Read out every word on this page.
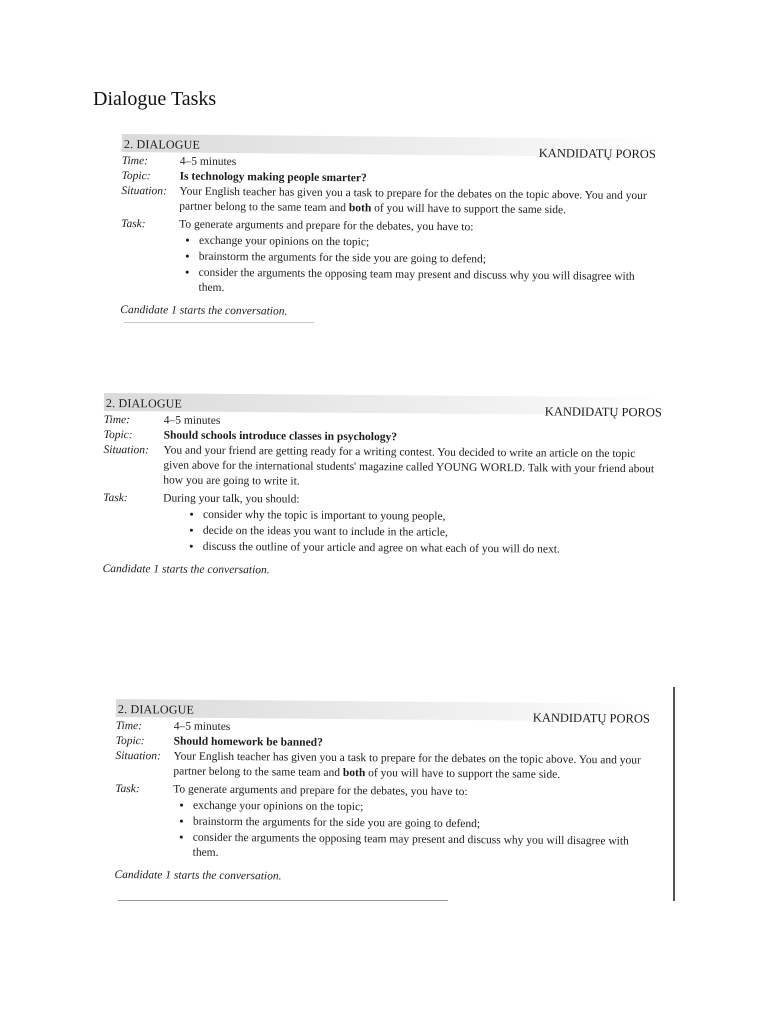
Dialogue Tasks
2. DIALOGUE
KANDIDATŲ POROS
Time:	4–5 minutes
Topic:	Is technology making people smarter?
Situation:	Your English teacher has given you a task to prepare for the debates on the topic above. You and your partner belong to the same team and both of you will have to support the same side.
Task:	To generate arguments and prepare for the debates, you have to:
• exchange your opinions on the topic;
• brainstorm the arguments for the side you are going to defend;
• consider the arguments the opposing team may present and discuss why you will disagree with them.
Candidate 1 starts the conversation.
2. DIALOGUE
KANDIDATŲ POROS
Time:	4–5 minutes
Topic:	Should schools introduce classes in psychology?
Situation:	You and your friend are getting ready for a writing contest. You decided to write an article on the topic given above for the international students' magazine called YOUNG WORLD. Talk with your friend about how you are going to write it.
Task:	During your talk, you should:
• consider why the topic is important to young people,
• decide on the ideas you want to include in the article,
• discuss the outline of your article and agree on what each of you will do next.
Candidate 1 starts the conversation.
2. DIALOGUE
KANDIDATŲ POROS
Time:	4–5 minutes
Topic:	Should homework be banned?
Situation:	Your English teacher has given you a task to prepare for the debates on the topic above. You and your partner belong to the same team and both of you will have to support the same side.
Task:	To generate arguments and prepare for the debates, you have to:
• exchange your opinions on the topic;
• brainstorm the arguments for the side you are going to defend;
• consider the arguments the opposing team may present and discuss why you will disagree with them.
Candidate 1 starts the conversation.
